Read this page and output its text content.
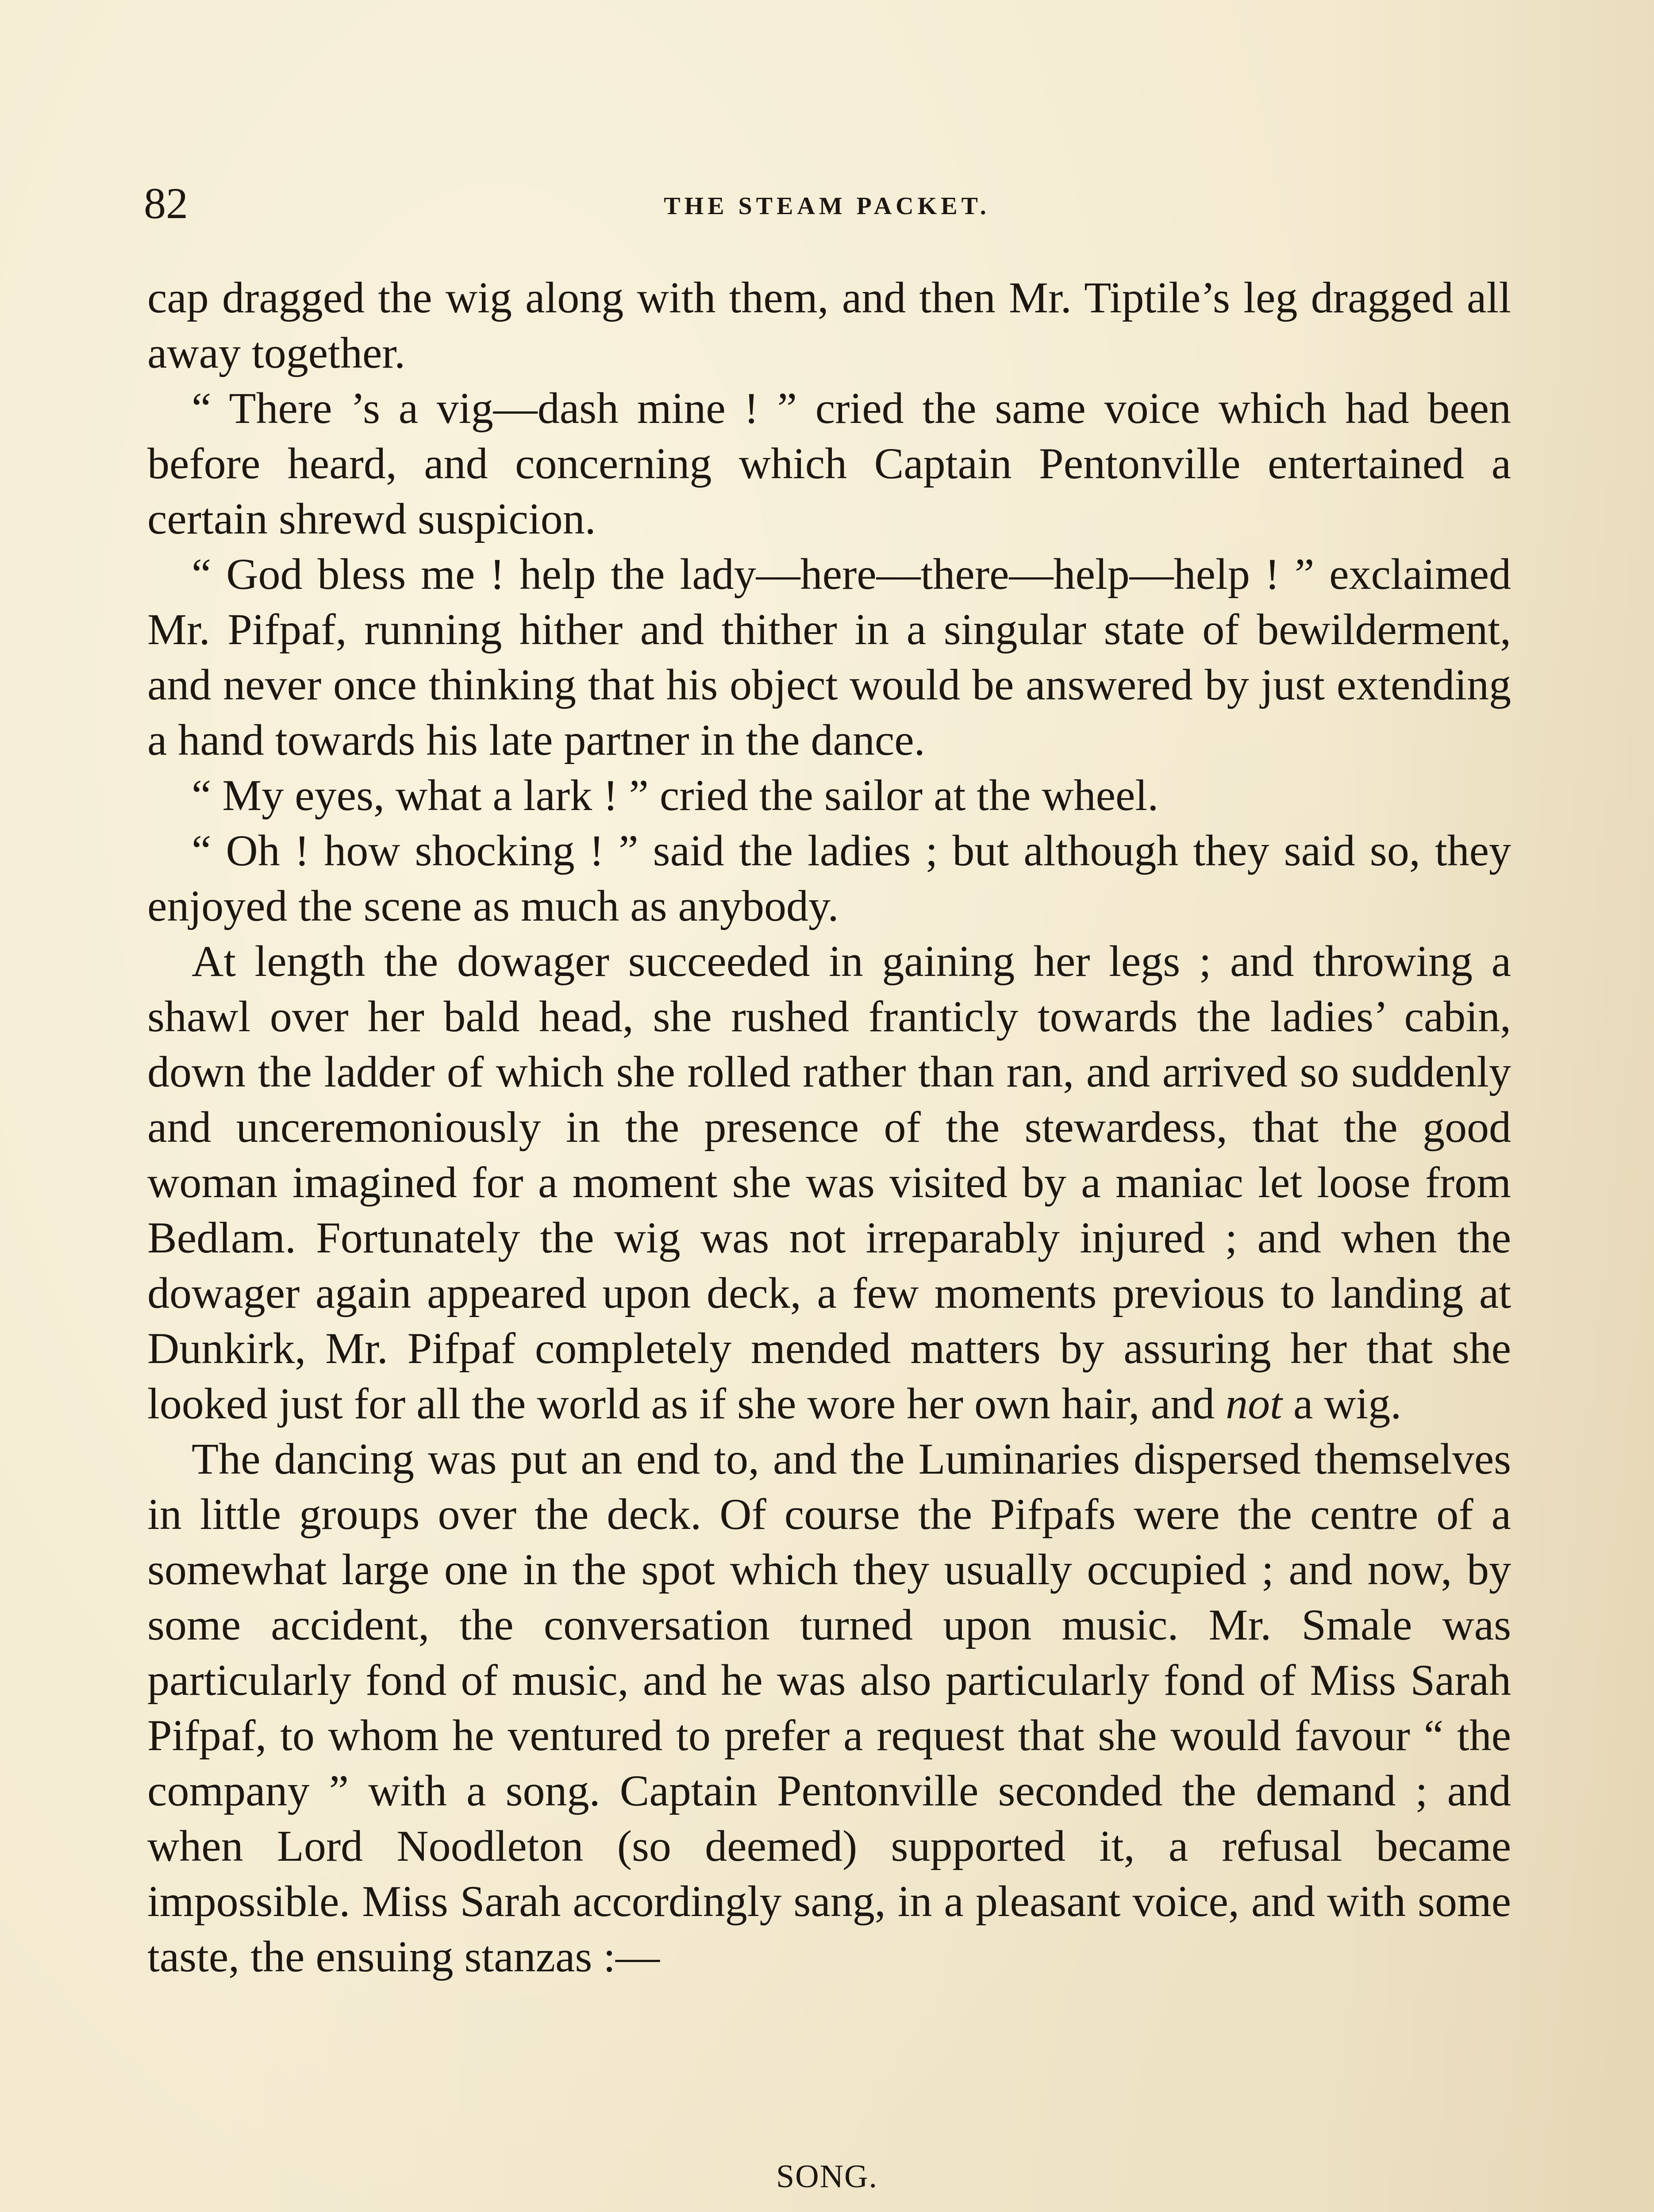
82	THE STEAM PACKET.

cap dragged the wig along with them, and then Mr. Tiptile’s leg dragged all away together.

“ There ’s a vig—dash mine ! ” cried the same voice which had been before heard, and concerning which Captain Pentonville entertained a certain shrewd suspicion.

“ God bless me ! help the lady—here—there—help—help ! ” exclaimed Mr. Pifpaf, running hither and thither in a singular state of bewilderment, and never once thinking that his object would be answered by just extending a hand towards his late partner in the dance.

“ My eyes, what a lark ! ” cried the sailor at the wheel.

“ Oh ! how shocking ! ” said the ladies ; but although they said so, they enjoyed the scene as much as anybody.

At length the dowager succeeded in gaining her legs ; and throwing a shawl over her bald head, she rushed franticly towards the ladies’ cabin, down the ladder of which she rolled rather than ran, and arrived so suddenly and unceremoniously in the presence of the stewardess, that the good woman imagined for a moment she was visited by a maniac let loose from Bedlam. Fortunately the wig was not irreparably injured ; and when the dowager again appeared upon deck, a few moments previous to landing at Dunkirk, Mr. Pifpaf completely mended matters by assuring her that she looked just for all the world as if she wore her own hair, and not a wig.

The dancing was put an end to, and the Luminaries dispersed themselves in little groups over the deck. Of course the Pifpafs were the centre of a somewhat large one in the spot which they usually occupied ; and now, by some accident, the conversation turned upon music. Mr. Smale was particularly fond of music, and he was also particularly fond of Miss Sarah Pifpaf, to whom he ventured to prefer a request that she would favour “ the company ” with a song. Captain Pentonville seconded the demand ; and when Lord Noodleton (so deemed) supported it, a refusal became impossible. Miss Sarah accordingly sang, in a pleasant voice, and with some taste, the ensuing stanzas :—

SONG.
